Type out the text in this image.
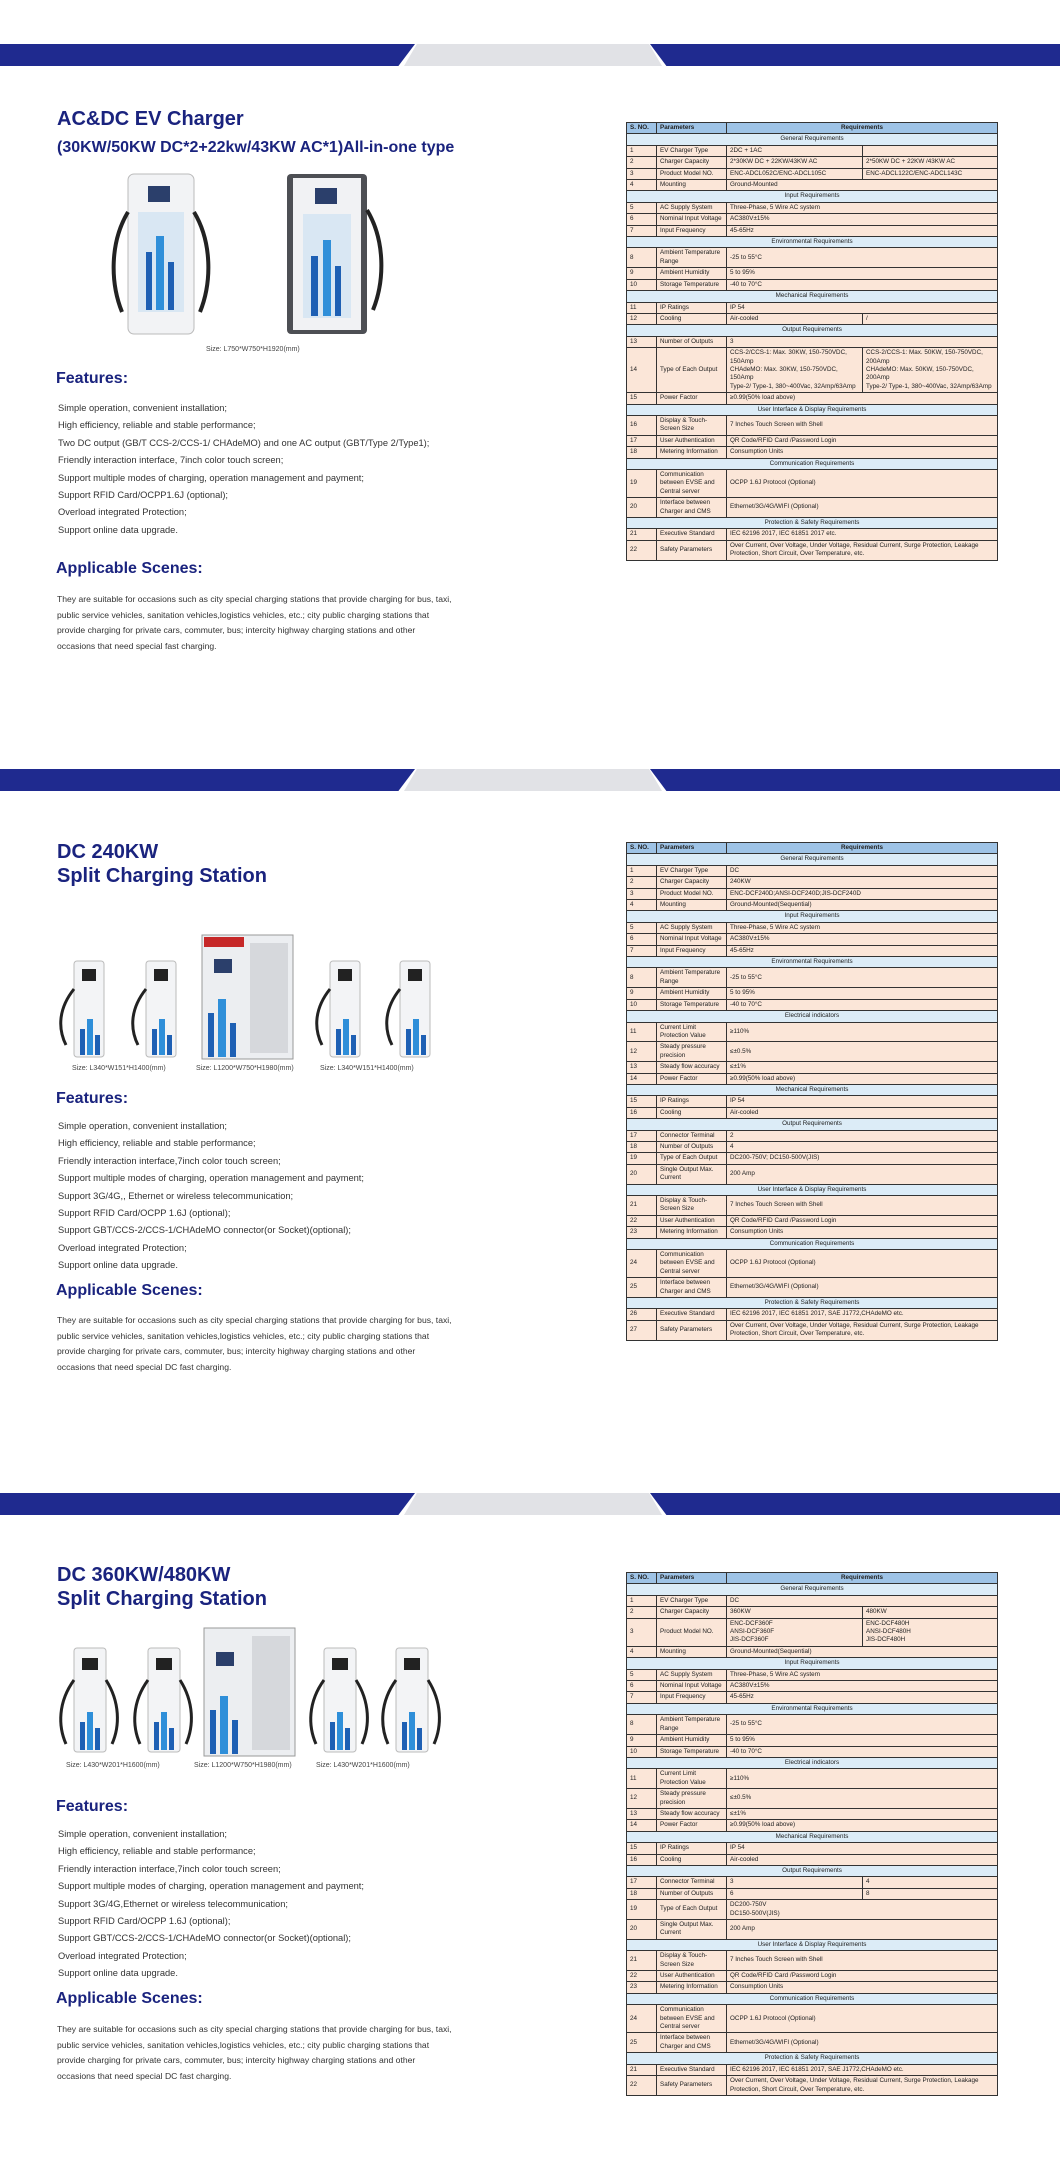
AC&DC EV Charger
(30KW/50KW DC*2+22kw/43KW AC*1)All-in-one type
Size: L750*W750*H1920(mm)
Features:
Simple operation, convenient installation;
High efficiency, reliable and stable performance;
Two DC output (GB/T CCS-2/CCS-1/ CHAdeMO) and one AC output (GBT/Type 2/Type1);
Friendly interaction interface, 7inch color touch screen;
Support multiple modes of charging, operation management and payment;
Support RFID Card/OCPP1.6J (optional);
Overload integrated Protection;
Support online data upgrade.
Applicable Scenes:
They are suitable for occasions such as city special charging stations that provide charging for bus, taxi, public service vehicles, sanitation vehicles,logistics vehicles, etc.; city public charging stations that provide charging for private cars, commuter, bus; intercity highway charging stations and other occasions that need special fast charging.
S. NO.	Parameters	Requirements	
General Requirements			
1	EV Charger Type	2DC + 1AC	
2	Charger Capacity	2*30KW DC + 22KW/43KW AC	2*50KW DC + 22KW /43KW AC
3	Product Model NO.	ENC-ADCL052C/ENC-ADCL105C	ENC-ADCL122C/ENC-ADCL143C
4	Mounting	Ground-Mounted	
Input Requirements			
5	AC Supply System	Three-Phase, 5 Wire AC system	
6	Nominal Input Voltage	AC380V±15%	
7	Input Frequency	45-65Hz	
Environmental Requirements			
8	Ambient Temperature Range	-25 to 55°C	
9	Ambient Humidity	5 to 95%	
10	Storage Temperature	-40 to 70°C	
Mechanical Requirements			
11	IP Ratings	IP 54	
12	Cooling	Air-cooled	/
Output Requirements			
13	Number of Outputs	3	
14	Type of Each Output	CCS-2/CCS-1: Max. 30KW, 150-750VDC, 150Amp
CHAdeMO: Max. 30KW, 150-750VDC, 150Amp
Type-2/ Type-1, 380~400Vac, 32Amp/63Amp	CCS-2/CCS-1: Max. 50KW, 150-750VDC, 200Amp
CHAdeMO: Max. 50KW, 150-750VDC, 200Amp
Type-2/ Type-1, 380~400Vac, 32Amp/63Amp
15	Power Factor	≥0.99(50% load above)	
User Interface & Display Requirements			
16	Display & Touch-Screen Size	7 Inches Touch Screen with Shell	
17	User Authentication	QR Code/RFID Card /Password Login	
18	Metering Information	Consumption Units	
Communication Requirements			
19	Communication between EVSE and Central server	OCPP 1.6J Protocol (Optional)	
20	Interface between Charger and CMS	Ethernet/3G/4G/WIFI (Optional)	
Protection & Safety Requirements			
21	Executive Standard	IEC 62196 2017, IEC 61851 2017 etc.	
22	Safety Parameters	Over Current, Over Voltage, Under Voltage, Residual Current, Surge Protection, Leakage Protection, Short Circuit, Over Temperature, etc.	
DC 240KW
Split Charging Station
Size: L340*W151*H1400(mm)	Size: L1200*W750*H1980(mm)	Size: L340*W151*H1400(mm)
Features:
Simple operation, convenient installation;
High efficiency, reliable and stable performance;
Friendly interaction interface,7inch color touch screen;
Support multiple modes of charging, operation management and payment;
Support 3G/4G,, Ethernet or wireless telecommunication;
Support RFID Card/OCPP 1.6J (optional);
Support GBT/CCS-2/CCS-1/CHAdeMO connector(or Socket)(optional);
Overload integrated Protection;
Support online data upgrade.
Applicable Scenes:
They are suitable for occasions such as city special charging stations that provide charging for bus, taxi, public service vehicles, sanitation vehicles,logistics vehicles, etc.; city public charging stations that provide charging for private cars, commuter, bus; intercity highway charging stations and other occasions that need special DC fast charging.
S. NO.	Parameters	Requirements
General Requirements		
1	EV Charger Type	DC
2	Charger Capacity	240KW
3	Product Model NO.	ENC-DCF240D;ANSI-DCF240D;JIS-DCF240D
4	Mounting	Ground-Mounted(Sequential)
Input Requirements		
5	AC Supply System	Three-Phase, 5 Wire AC system
6	Nominal Input Voltage	AC380V±15%
7	Input Frequency	45-65Hz
Environmental Requirements		
8	Ambient Temperature Range	-25 to 55°C
9	Ambient Humidity	5 to 95%
10	Storage Temperature	-40 to 70°C
Electrical indicators		
11	Current Limit Protection Value	≥110%
12	Steady pressure precision	≤±0.5%
13	Steady flow accuracy	≤±1%
14	Power Factor	≥0.99(50% load above)
Mechanical Requirements		
15	IP Ratings	IP 54
16	Cooling	Air-cooled
Output Requirements		
17	Connector Terminal	2
18	Number of Outputs	4
19	Type of Each Output	DC200-750V; DC150-500V(JIS)
20	Single Output Max. Current	200 Amp
User Interface & Display Requirements		
21	Display & Touch-Screen Size	7 Inches Touch Screen with Shell
22	User Authentication	QR Code/RFID Card /Password Login
23	Metering Information	Consumption Units
Communication Requirements		
24	Communication between EVSE and Central server	OCPP 1.6J Protocol (Optional)
25	Interface between Charger and CMS	Ethernet/3G/4G/WIFI (Optional)
Protection & Safety Requirements		
26	Executive Standard	IEC 62196 2017, IEC 61851 2017, SAE J1772,CHAdeMO etc.
27	Safety Parameters	Over Current, Over Voltage, Under Voltage, Residual Current, Surge Protection, Leakage Protection, Short Circuit, Over Temperature, etc.
DC 360KW/480KW
Split Charging Station
Size: L430*W201*H1600(mm)	Size: L1200*W750*H1980(mm)	Size: L430*W201*H1600(mm)
Features:
Simple operation, convenient installation;
High efficiency, reliable and stable performance;
Friendly interaction interface,7inch color touch screen;
Support multiple modes of charging, operation management and payment;
Support 3G/4G,Ethernet or wireless telecommunication;
Support RFID Card/OCPP 1.6J (optional);
Support GBT/CCS-2/CCS-1/CHAdeMO connector(or Socket)(optional);
Overload integrated Protection;
Support online data upgrade.
Applicable Scenes:
They are suitable for occasions such as city special charging stations that provide charging for bus, taxi, public service vehicles, sanitation vehicles,logistics vehicles, etc.; city public charging stations that provide charging for private cars, commuter, bus; intercity highway charging stations and other occasions that need special DC fast charging.
S. NO.	Parameters	Requirements	
General Requirements			
1	EV Charger Type	DC	
2	Charger Capacity	360KW	480KW
3	Product Model NO.	ENC-DCF360F
ANSI-DCF360F
JIS-DCF360F	ENC-DCF480H
ANSI-DCF480H
JIS-DCF480H
4	Mounting	Ground-Mounted(Sequential)	
Input Requirements			
5	AC Supply System	Three-Phase, 5 Wire AC system	
6	Nominal Input Voltage	AC380V±15%	
7	Input Frequency	45-65Hz	
Environmental Requirements			
8	Ambient Temperature Range	-25 to 55°C	
9	Ambient Humidity	5 to 95%	
10	Storage Temperature	-40 to 70°C	
Electrical indicators			
11	Current Limit Protection Value	≥110%	
12	Steady pressure precision	≤±0.5%	
13	Steady flow accuracy	≤±1%	
14	Power Factor	≥0.99(50% load above)	
Mechanical Requirements			
15	IP Ratings	IP 54	
16	Cooling	Air-cooled	
Output Requirements			
17	Connector Terminal	3	4
18	Number of Outputs	6	8
19	Type of Each Output	DC200-750V
DC150-500V(JIS)	
20	Single Output Max. Current	200 Amp	
User Interface & Display Requirements			
21	Display & Touch-Screen Size	7 Inches Touch Screen with Shell	
22	User Authentication	QR Code/RFID Card /Password Login	
23	Metering Information	Consumption Units	
Communication Requirements			
24	Communication between EVSE and Central server	OCPP 1.6J Protocol (Optional)	
25	Interface between Charger and CMS	Ethernet/3G/4G/WIFI (Optional)	
Protection & Safety Requirements			
21	Executive Standard	IEC 62196 2017, IEC 61851 2017, SAE J1772,CHAdeMO etc.	
22	Safety Parameters	Over Current, Over Voltage, Under Voltage, Residual Current, Surge Protection, Leakage Protection, Short Circuit, Over Temperature, etc.	
